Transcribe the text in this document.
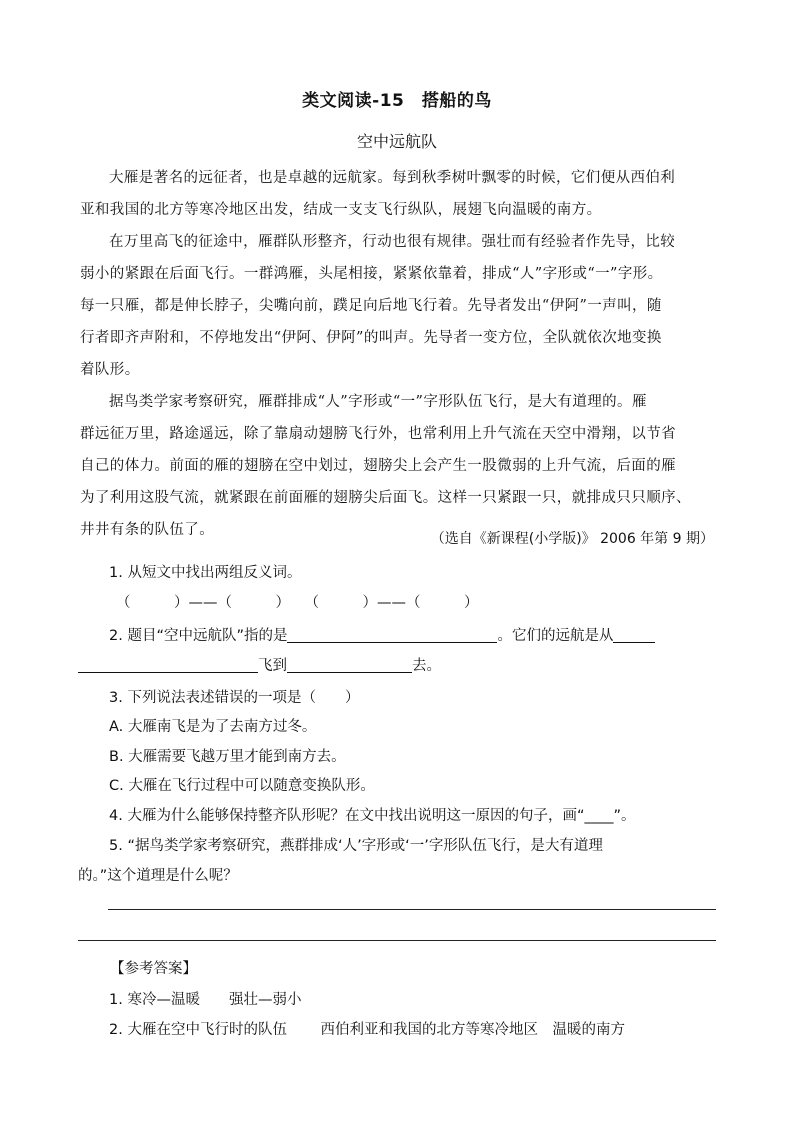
类文阅读-15　搭船的鸟
空中远航队
大雁是著名的远征者，也是卓越的远航家。每到秋季树叶飘零的时候，它们便从西伯利
亚和我国的北方等寒冷地区出发，结成一支支飞行纵队，展翅飞向温暖的南方。
在万里高飞的征途中，雁群队形整齐，行动也很有规律。强壮而有经验者作先导，比较
弱小的紧跟在后面飞行。一群鸿雁，头尾相接，紧紧依靠着，排成“人”字形或“一”字形。
每一只雁，都是伸长脖子，尖嘴向前，蹼足向后地飞行着。先导者发出“伊阿”一声叫，随
行者即齐声附和，不停地发出“伊阿、伊阿”的叫声。先导者一变方位，全队就依次地变换
着队形。
据鸟类学家考察研究，雁群排成“人”字形或“一”字形队伍飞行，是大有道理的。雁
群远征万里，路途遥远，除了靠扇动翅膀飞行外，也常利用上升气流在天空中滑翔，以节省
自己的体力。前面的雁的翅膀在空中划过，翅膀尖上会产生一股微弱的上升气流，后面的雁
为了利用这股气流，就紧跟在前面雁的翅膀尖后面飞。这样一只紧跟一只，就排成只只顺序、
井井有条的队伍了。
（选自《新课程(小学版)》 2006 年第 9 期）
1. 从短文中找出两组反义词。
（　　　）——（　　　）　　（　　　）——（　　　）
2. 题目“空中远航队”指的是	。它们的远航是从
飞到	去。
3. 下列说法表述错误的一项是（　　）
A. 大雁南飞是为了去南方过冬。
B. 大雁需要飞越万里才能到南方去。
C. 大雁在飞行过程中可以随意变换队形。
4. 大雁为什么能够保持整齐队形呢？在文中找出说明这一原因的句子，画“____”。
5. “据鸟类学家考察研究，燕群排成‘人’字形或‘一’字形队伍飞行，是大有道理
的。”这个道理是什么呢？
【参考答案】
1. 寒冷—温暖　　强壮—弱小
2. 大雁在空中飞行时的队伍　　 西伯利亚和我国的北方等寒冷地区　温暖的南方
